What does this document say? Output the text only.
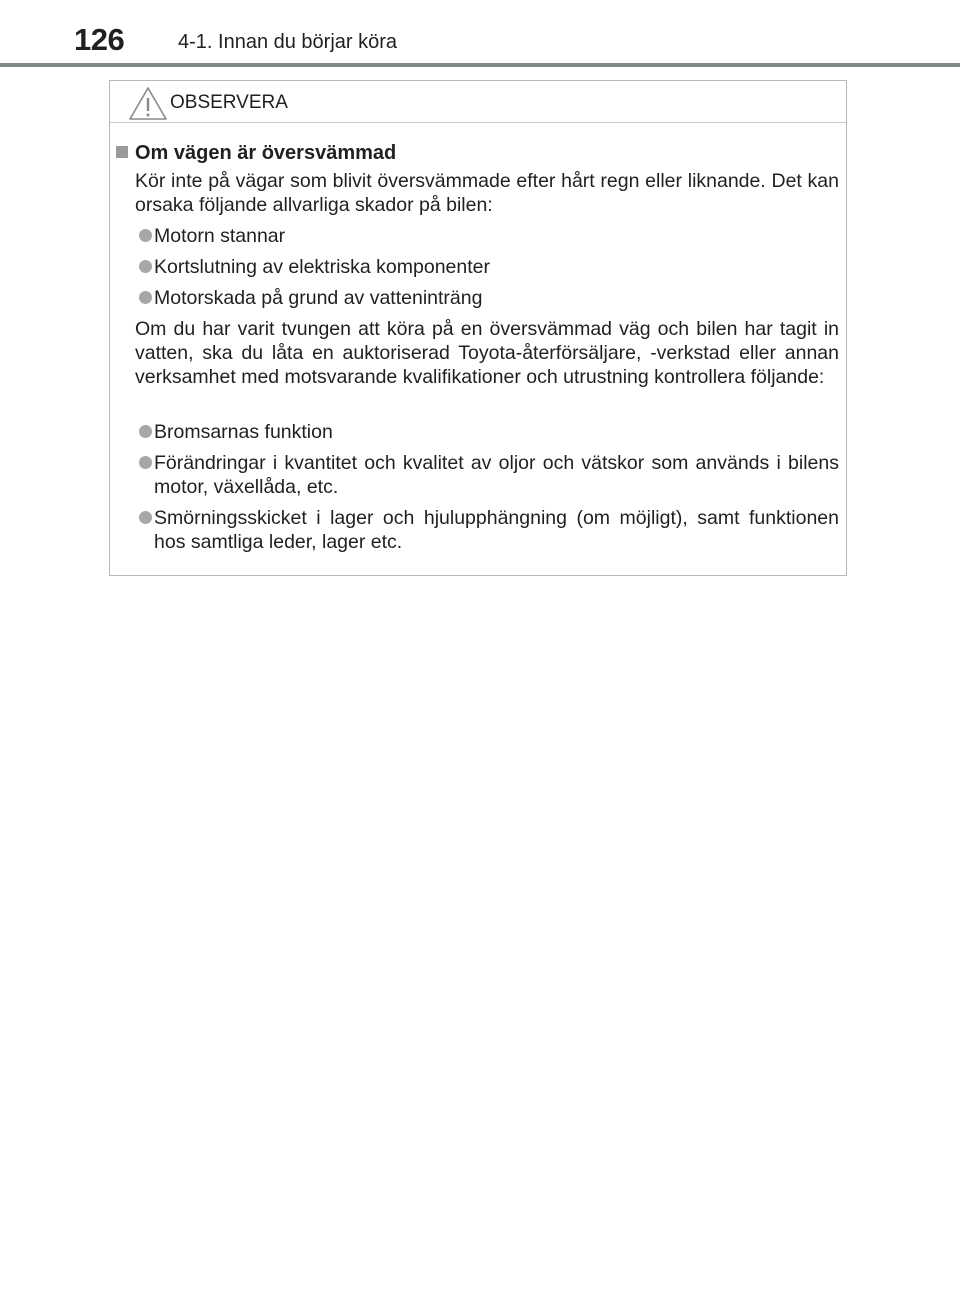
126	4-1. Innan du börjar köra
OBSERVERA
Om vägen är översvämmad
Kör inte på vägar som blivit översvämmade efter hårt regn eller liknande. Det kan orsaka följande allvarliga skador på bilen:
Motorn stannar
Kortslutning av elektriska komponenter
Motorskada på grund av vatteninträng
Om du har varit tvungen att köra på en översvämmad väg och bilen har tagit in vatten, ska du låta en auktoriserad Toyota-återförsäljare, -verkstad eller annan verksamhet med motsvarande kvalifikationer och utrustning kontrollera följande:
Bromsarnas funktion
Förändringar i kvantitet och kvalitet av oljor och vätskor som används i bilens motor, växellåda, etc.
Smörningsskicket i lager och hjulupphängning (om möjligt), samt funktionen hos samtliga leder, lager etc.
